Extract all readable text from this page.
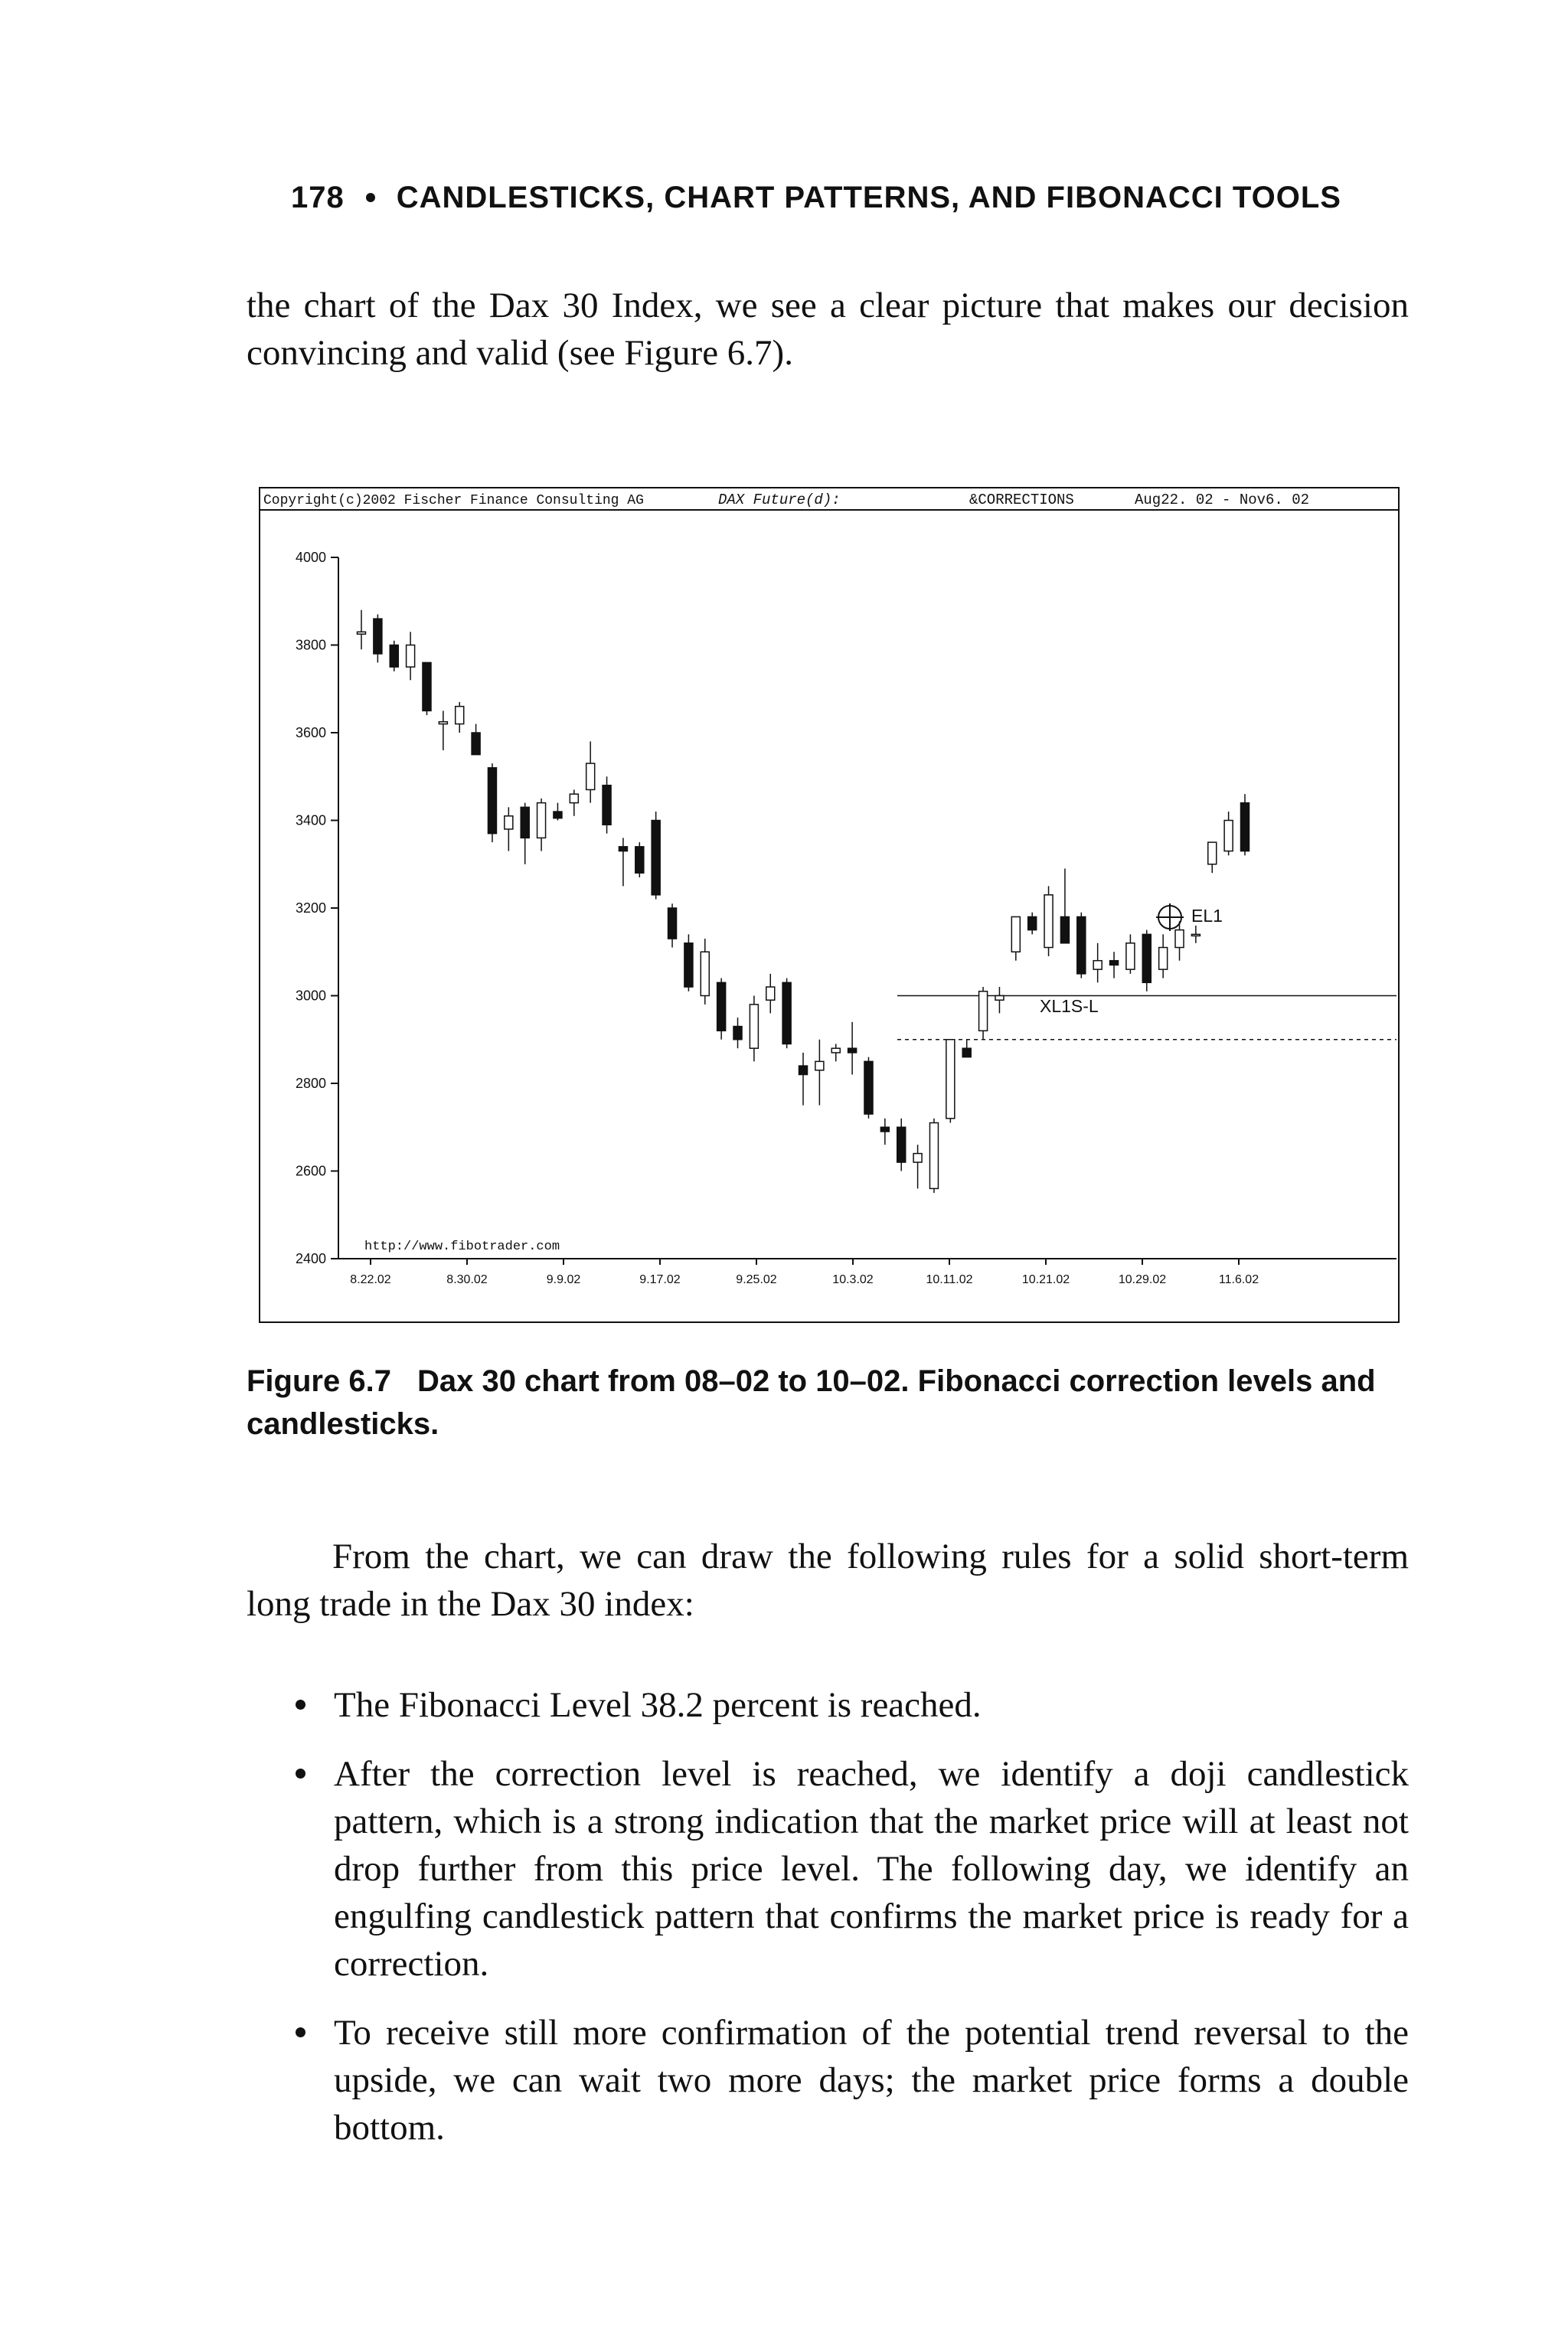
178 CANDLESTICKS, CHART PATTERNS, AND FIBONACCI TOOLS

the chart of the Dax 30 Index, we see a clear picture that makes our decision convincing and valid (see Figure 6.7).

Copyright(c)2002 Fischer Finance Consulting AG	DAX Future(d):	&CORRECTIONS	Aug22. 02 - Nov6. 02
4000
3800
3600
3400
3200
3000
2800
2600
2400
8.22.02	8.30.02	9.9.02	9.17.02	9.25.02	10.3.02	10.11.02	10.21.02	10.29.02	11.6.02
http://www.fibotrader.com
EL1
XL1S-L
Figure 6.7 Dax 30 chart from 08–02 to 10–02. Fibonacci correction levels and candlesticks.

From the chart, we can draw the following rules for a solid short-term long trade in the Dax 30 index:

The Fibonacci Level 38.2 percent is reached.
After the correction level is reached, we identify a doji candlestick pattern, which is a strong indication that the market price will at least not drop further from this price level. The following day, we identify an engulfing candlestick pattern that confirms the market price is ready for a correction.
To receive still more confirmation of the potential trend reversal to the upside, we can wait two more days; the market price forms a double bottom.
